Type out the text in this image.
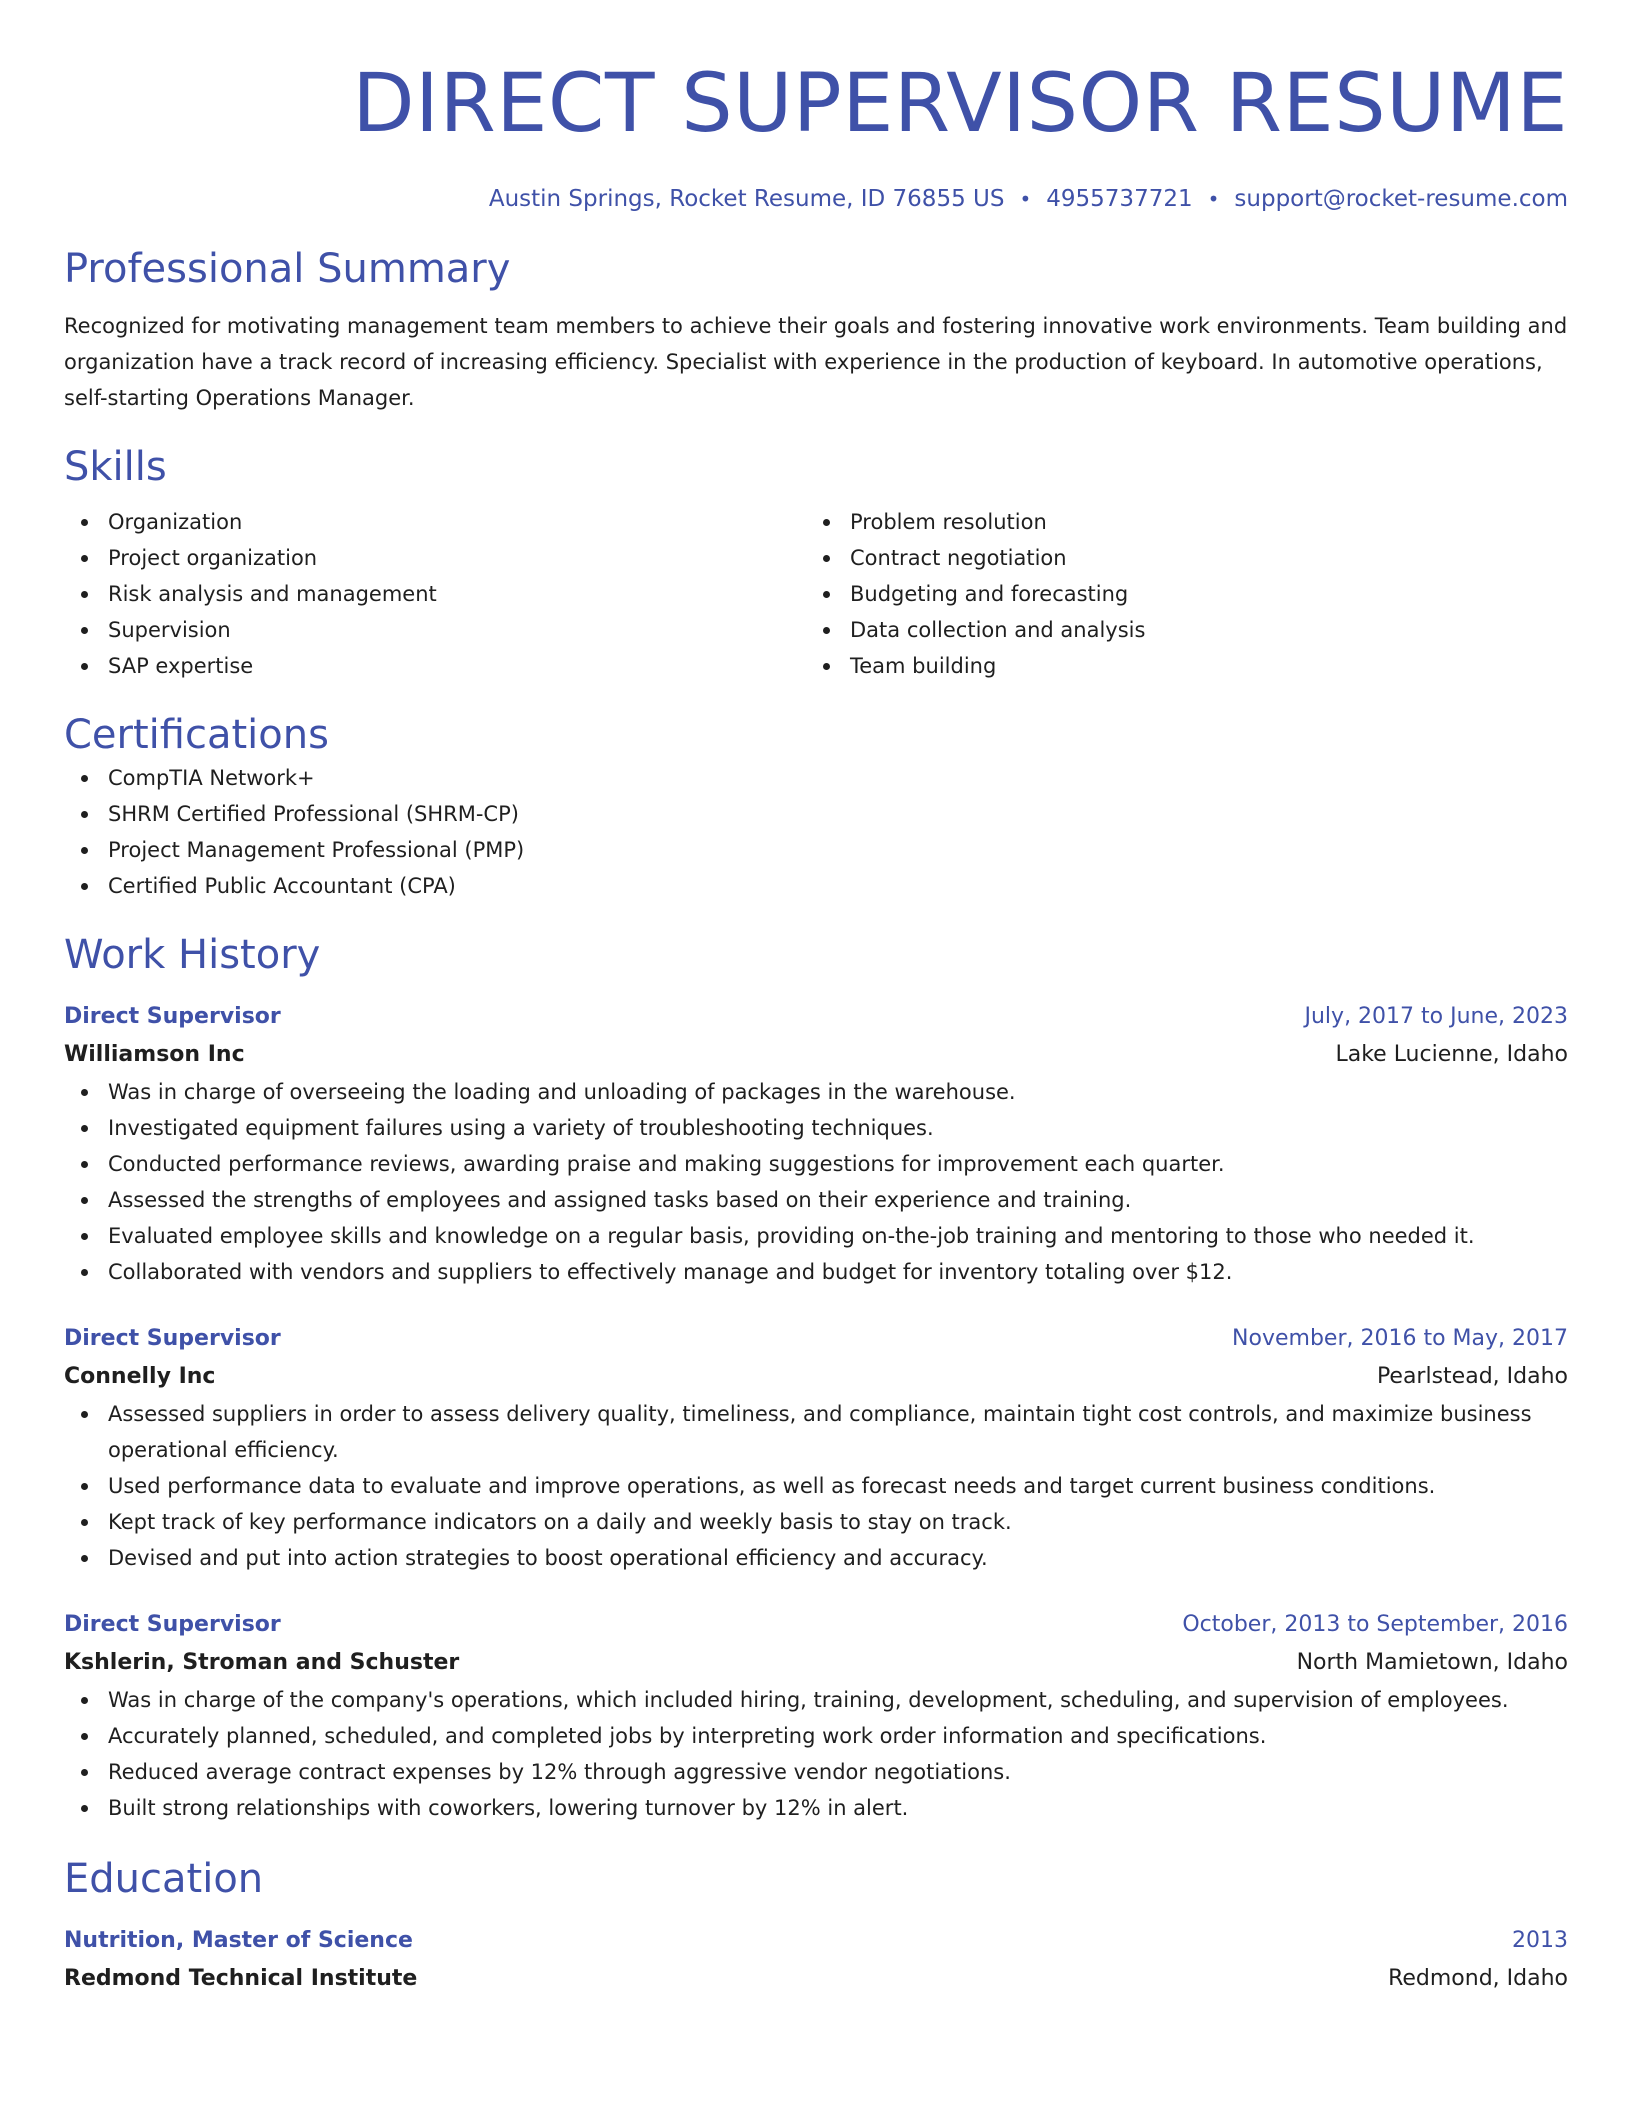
DIRECT SUPERVISOR RESUME
Austin Springs, Rocket Resume, ID 76855 US • 4955737721 • support@rocket-resume.com
Professional Summary
Recognized for motivating management team members to achieve their goals and fostering innovative work environments. Team building and organization have a track record of increasing efficiency. Specialist with experience in the production of keyboard. In automotive operations, self-starting Operations Manager.
Skills
Organization
Project organization
Risk analysis and management
Supervision
SAP expertise
Problem resolution
Contract negotiation
Budgeting and forecasting
Data collection and analysis
Team building
Certifications
CompTIA Network+
SHRM Certified Professional (SHRM-CP)
Project Management Professional (PMP)
Certified Public Accountant (CPA)
Work History
Direct Supervisor	July, 2017 to June, 2023
Williamson Inc	Lake Lucienne, Idaho
Was in charge of overseeing the loading and unloading of packages in the warehouse.
Investigated equipment failures using a variety of troubleshooting techniques.
Conducted performance reviews, awarding praise and making suggestions for improvement each quarter.
Assessed the strengths of employees and assigned tasks based on their experience and training.
Evaluated employee skills and knowledge on a regular basis, providing on-the-job training and mentoring to those who needed it.
Collaborated with vendors and suppliers to effectively manage and budget for inventory totaling over $12.
Direct Supervisor	November, 2016 to May, 2017
Connelly Inc	Pearlstead, Idaho
Assessed suppliers in order to assess delivery quality, timeliness, and compliance, maintain tight cost controls, and maximize business operational efficiency.
Used performance data to evaluate and improve operations, as well as forecast needs and target current business conditions.
Kept track of key performance indicators on a daily and weekly basis to stay on track.
Devised and put into action strategies to boost operational efficiency and accuracy.
Direct Supervisor	October, 2013 to September, 2016
Kshlerin, Stroman and Schuster	North Mamietown, Idaho
Was in charge of the company's operations, which included hiring, training, development, scheduling, and supervision of employees.
Accurately planned, scheduled, and completed jobs by interpreting work order information and specifications.
Reduced average contract expenses by 12% through aggressive vendor negotiations.
Built strong relationships with coworkers, lowering turnover by 12% in alert.
Education
Nutrition, Master of Science	2013
Redmond Technical Institute	Redmond, Idaho
